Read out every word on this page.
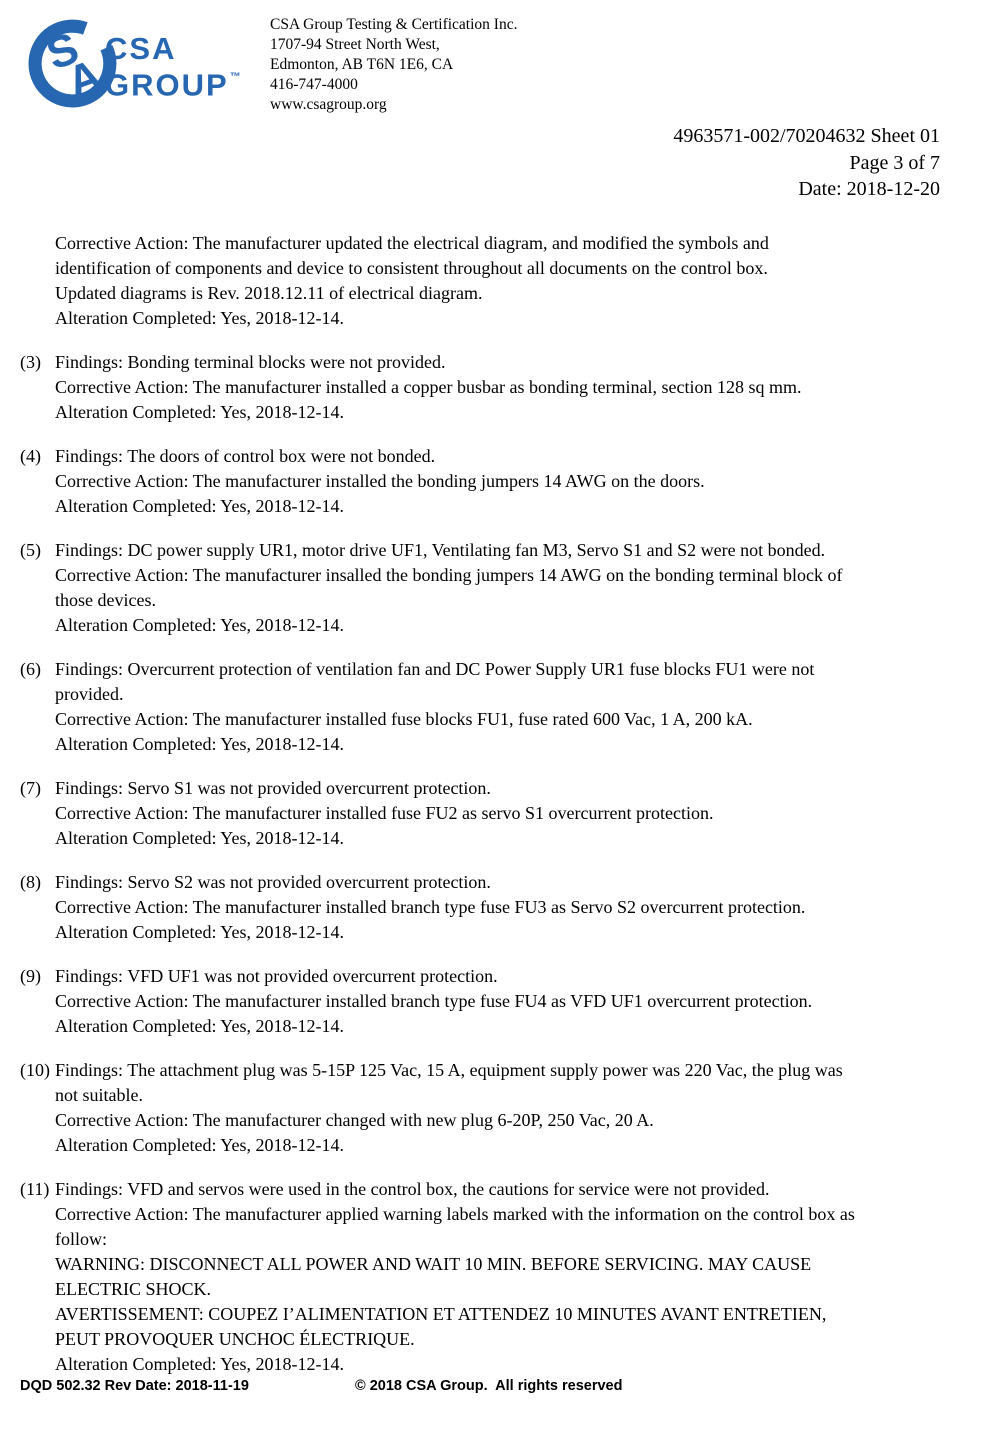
S
A
CSA
GROUP™
CSA Group Testing & Certification Inc.
1707-94 Street North West,
Edmonton, AB T6N 1E6, CA
416-747-4000
www.csagroup.org
4963571-002/70204632 Sheet 01
Page 3 of 7
Date: 2018-12-20
Corrective Action: The manufacturer updated the electrical diagram, and modified the symbols and
identification of components and device to consistent throughout all documents on the control box.
Updated diagrams is Rev. 2018.12.11 of electrical diagram.
Alteration Completed: Yes, 2018-12-14.
(3) Findings: Bonding terminal blocks were not provided.
Corrective Action: The manufacturer installed a copper busbar as bonding terminal, section 128 sq mm.
Alteration Completed: Yes, 2018-12-14.
(4) Findings: The doors of control box were not bonded.
Corrective Action: The manufacturer installed the bonding jumpers 14 AWG on the doors.
Alteration Completed: Yes, 2018-12-14.
(5) Findings: DC power supply UR1, motor drive UF1, Ventilating fan M3, Servo S1 and S2 were not bonded.
Corrective Action: The manufacturer insalled the bonding jumpers 14 AWG on the bonding terminal block of
those devices.
Alteration Completed: Yes, 2018-12-14.
(6) Findings: Overcurrent protection of ventilation fan and DC Power Supply UR1 fuse blocks FU1 were not
provided.
Corrective Action: The manufacturer installed fuse blocks FU1, fuse rated 600 Vac, 1 A, 200 kA.
Alteration Completed: Yes, 2018-12-14.
(7) Findings: Servo S1 was not provided overcurrent protection.
Corrective Action: The manufacturer installed fuse FU2 as servo S1 overcurrent protection.
Alteration Completed: Yes, 2018-12-14.
(8) Findings: Servo S2 was not provided overcurrent protection.
Corrective Action: The manufacturer installed branch type fuse FU3 as Servo S2 overcurrent protection.
Alteration Completed: Yes, 2018-12-14.
(9) Findings: VFD UF1 was not provided overcurrent protection.
Corrective Action: The manufacturer installed branch type fuse FU4 as VFD UF1 overcurrent protection.
Alteration Completed: Yes, 2018-12-14.
(10) Findings: The attachment plug was 5-15P 125 Vac, 15 A, equipment supply power was 220 Vac, the plug was
not suitable.
Corrective Action: The manufacturer changed with new plug 6-20P, 250 Vac, 20 A.
Alteration Completed: Yes, 2018-12-14.
(11) Findings: VFD and servos were used in the control box, the cautions for service were not provided.
Corrective Action: The manufacturer applied warning labels marked with the information on the control box as
follow:
WARNING: DISCONNECT ALL POWER AND WAIT 10 MIN. BEFORE SERVICING. MAY CAUSE
ELECTRIC SHOCK.
AVERTISSEMENT: COUPEZ I’ALIMENTATION ET ATTENDEZ 10 MINUTES AVANT ENTRETIEN,
PEUT PROVOQUER UNCHOC ÉLECTRIQUE.
Alteration Completed: Yes, 2018-12-14.
DQD 502.32 Rev Date: 2018-11-19	© 2018 CSA Group.  All rights reserved
